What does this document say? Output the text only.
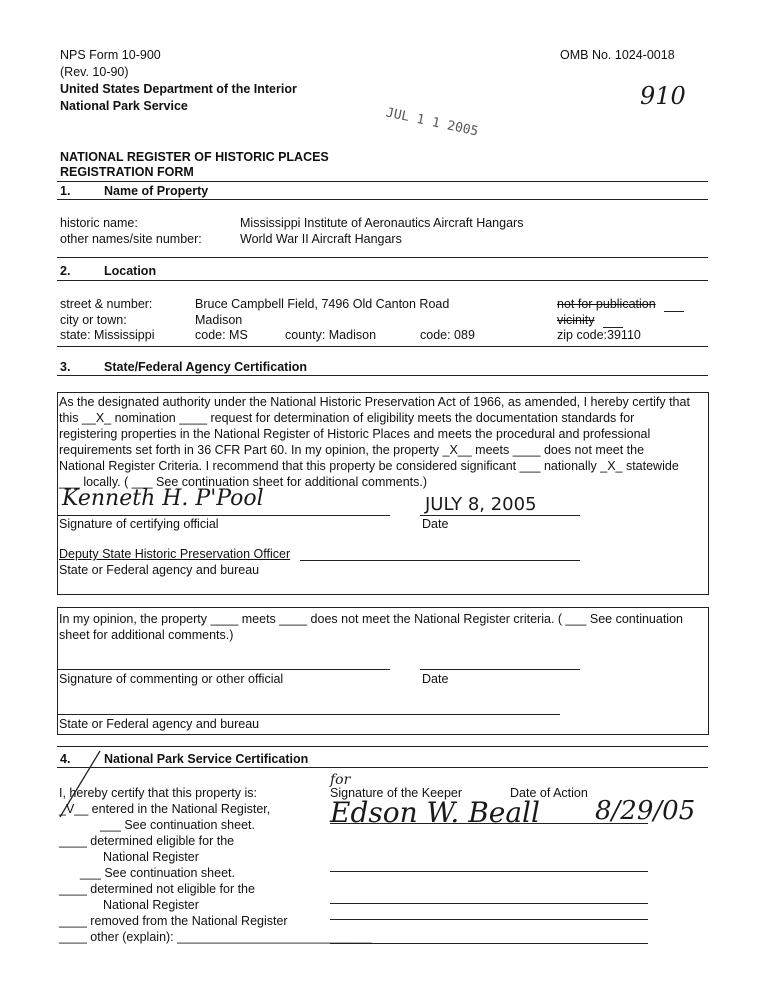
NPS Form 10-900
(Rev. 10-90)
United States Department of the Interior
National Park Service
OMB No. 1024-0018
910
JUL 1 1 2005
NATIONAL REGISTER OF HISTORIC PLACES
REGISTRATION FORM
1.	Name of Property
historic name:	Mississippi Institute of Aeronautics Aircraft Hangars
other names/site number:	World War II Aircraft Hangars
2.	Location
street & number:	Bruce Campbell Field, 7496 Old Canton Road	not for publication
city or town:	Madison	vicinity
state: Mississippi	code: MS	county: Madison	code: 089	zip code:39110
3.	State/Federal Agency Certification
As the designated authority under the National Historic Preservation Act of 1966, as amended, I hereby certify that
this __X_ nomination ____ request for determination of eligibility meets the documentation standards for
registering properties in the National Register of Historic Places and meets the procedural and professional
requirements set forth in 36 CFR Part 60. In my opinion, the property _X__ meets ____ does not meet the
National Register Criteria. I recommend that this property be considered significant ___ nationally _X_ statewide
___ locally. ( ___ See continuation sheet for additional comments.)
Kenneth H. P'Pool	JULY 8, 2005
Signature of certifying official	Date
Deputy State Historic Preservation Officer
State or Federal agency and bureau
In my opinion, the property ____ meets ____ does not meet the National Register criteria. ( ___ See continuation
sheet for additional comments.)
Signature of commenting or other official	Date
State or Federal agency and bureau
4.	National Park Service Certification
I, hereby certify that this property is:
_V__ entered in the National Register,
___ See continuation sheet.
____ determined eligible for the
National Register
___ See continuation sheet.
____ determined not eligible for the
National Register
____ removed from the National Register
____ other (explain): ____________________________
Signature of the Keeper	Date of Action
for
Edson W. Beall 8/29/05
